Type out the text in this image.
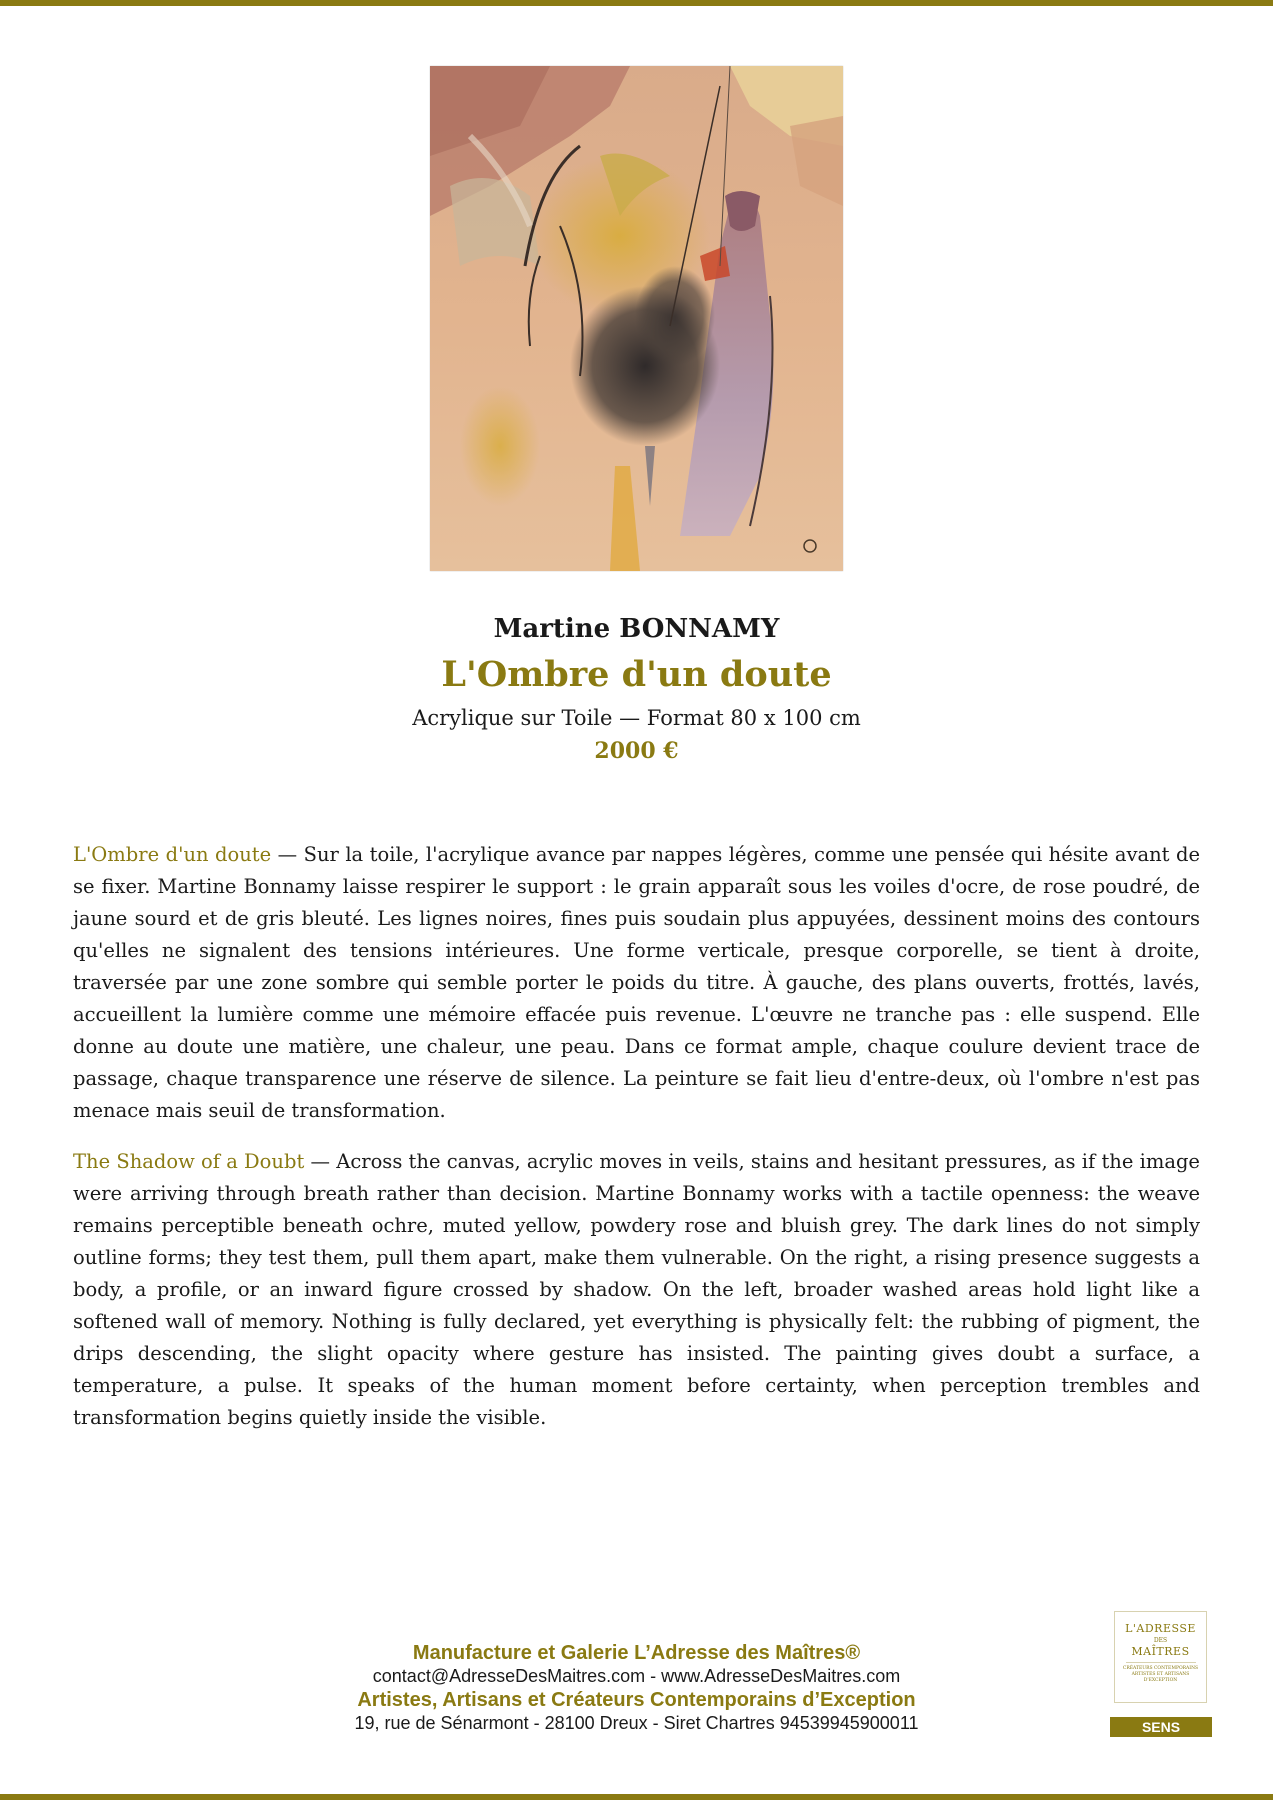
Martine BONNAMY
L'Ombre d'un doute
Acrylique sur Toile — Format 80 x 100 cm
2000 €

L'Ombre d'un doute — Sur la toile, l'acrylique avance par nappes légères, comme une pensée qui hésite avant de se fixer. Martine Bonnamy laisse respirer le support : le grain apparaît sous les voiles d'ocre, de rose poudré, de jaune sourd et de gris bleuté. Les lignes noires, fines puis soudain plus appuyées, dessinent moins des contours qu'elles ne signalent des tensions intérieures. Une forme verticale, presque corporelle, se tient à droite, traversée par une zone sombre qui semble porter le poids du titre. À gauche, des plans ouverts, frottés, lavés, accueillent la lumière comme une mémoire effacée puis revenue. L'œuvre ne tranche pas : elle suspend. Elle donne au doute une matière, une chaleur, une peau. Dans ce format ample, chaque coulure devient trace de passage, chaque transparence une réserve de silence. La peinture se fait lieu d'entre-deux, où l'ombre n'est pas menace mais seuil de transformation.

The Shadow of a Doubt — Across the canvas, acrylic moves in veils, stains and hesitant pressures, as if the image were arriving through breath rather than decision. Martine Bonnamy works with a tactile openness: the weave remains perceptible beneath ochre, muted yellow, powdery rose and bluish grey. The dark lines do not simply outline forms; they test them, pull them apart, make them vulnerable. On the right, a rising presence suggests a body, a profile, or an inward figure crossed by shadow. On the left, broader washed areas hold light like a softened wall of memory. Nothing is fully declared, yet everything is physically felt: the rubbing of pigment, the drips descending, the slight opacity where gesture has insisted. The painting gives doubt a surface, a temperature, a pulse. It speaks of the human moment before certainty, when perception trembles and transformation begins quietly inside the visible.

Manufacture et Galerie L’Adresse des Maîtres®
contact@AdresseDesMaitres.com - www.AdresseDesMaitres.com
Artistes, Artisans et Créateurs Contemporains d’Exception
19, rue de Sénarmont - 28100 Dreux - Siret Chartres 94539945900011
L'ADRESSE
DES
MAÎTRES
CRÉATEURS CONTEMPORAINS ARTISTES ET ARTISANS D'EXCEPTION
SENS
